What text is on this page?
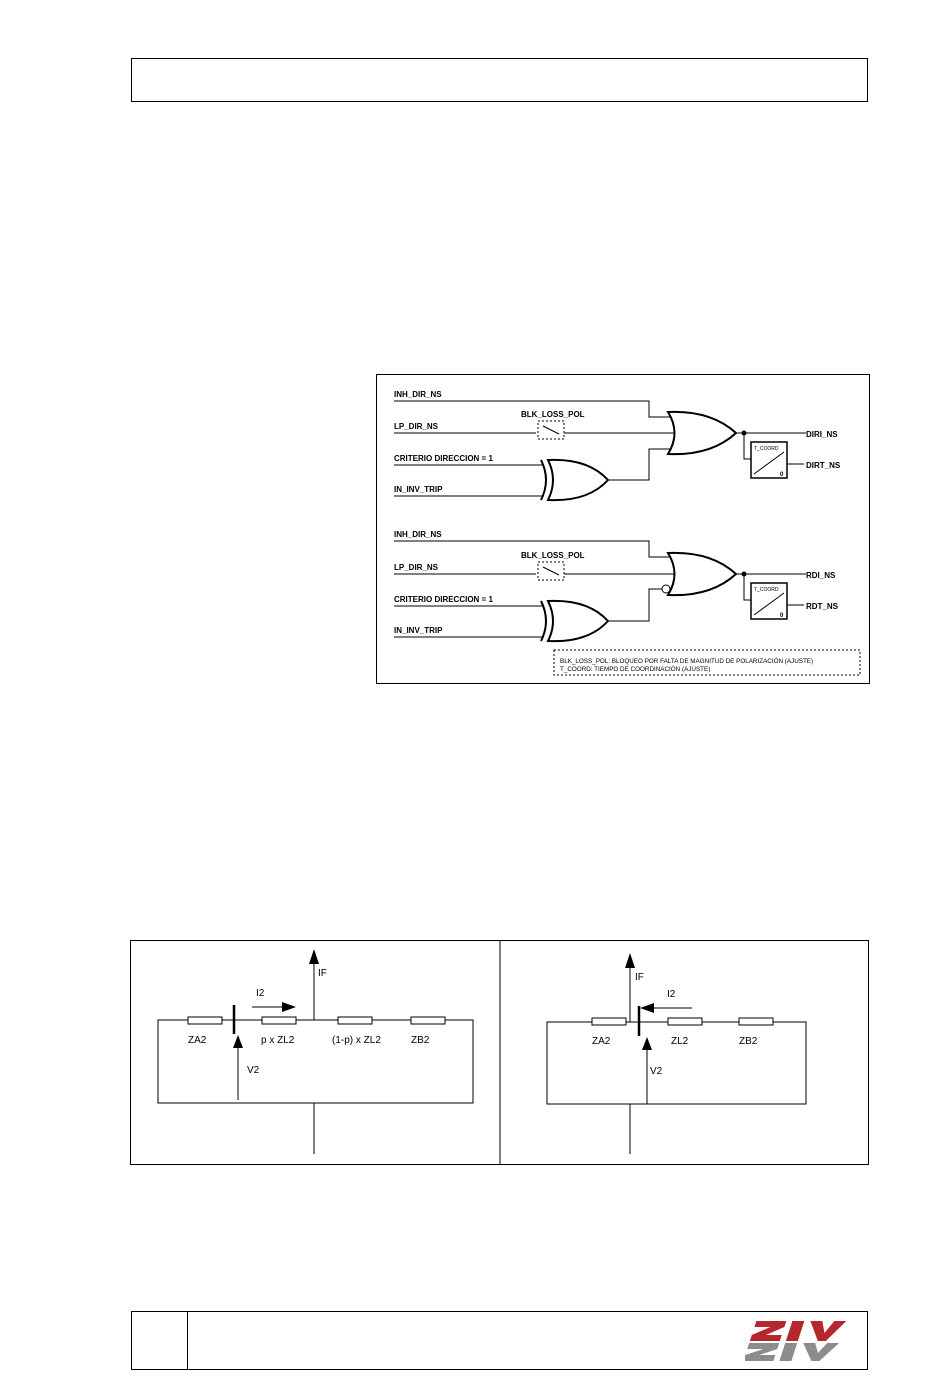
INH_DIR_NS
BLK_LOSS_POL
LP_DIR_NS
CRITERIO DIRECCION = 1
IN_INV_TRIP
T_COORD
0
DIRI_NS
DIRT_NS
INH_DIR_NS
BLK_LOSS_POL
LP_DIR_NS
CRITERIO DIRECCION = 1
IN_INV_TRIP
T_COORD
0
RDI_NS
RDT_NS
BLK_LOSS_POL: BLOQUEO POR FALTA DE MAGNITUD DE POLARIZACIÓN (AJUSTE)
T_COORD: TIEMPO DE COORDINACIÓN (AJUSTE)
IF
I2
V2
ZA2	p x ZL2	(1-p) x ZL2	ZB2
IF
I2
V2
ZA2	ZL2	ZB2
